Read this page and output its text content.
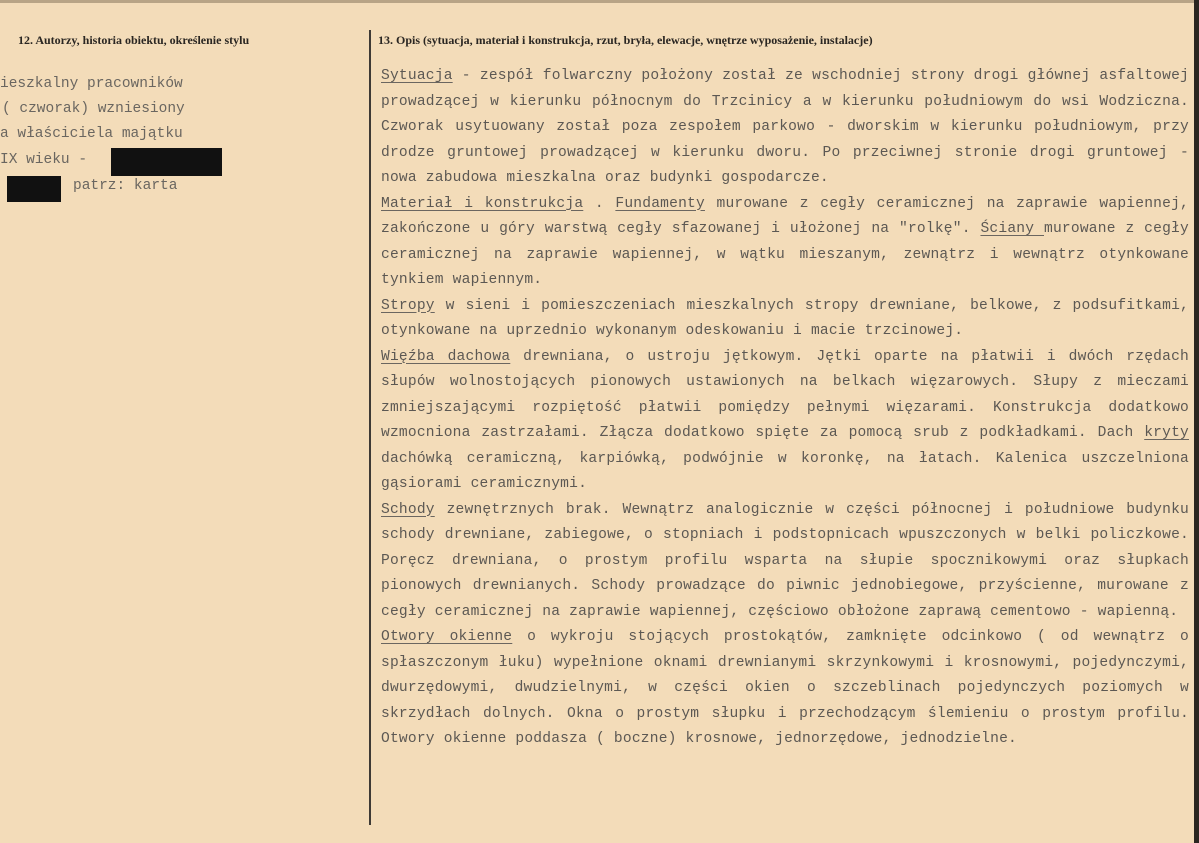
12. Autorzy, historia obiektu, określenie stylu	13. Opis (sytuacja, materiał i konstrukcja, rzut, bryła, elewacje, wnętrze wyposażenie, instalacje)
ieszkalny pracowników
( czworak) wzniesiony
a właściciela majątku
IX wieku -
patrz: karta

Sytuacja - zespół folwarczny położony został ze wschodniej strony drogi głównej asfaltowej prowadzącej w kierunku północnym do Trzcinicy a w kierunku południowym do wsi Wodziczna. Czworak usytuowany został poza zespołem parkowo - dworskim w kierunku południowym, przy drodze gruntowej prowadzącej w kierunku dworu. Po przeciwnej stronie drogi gruntowej - nowa zabudowa mieszkalna oraz budynki gospodarcze.

Materiał i konstrukcja . Fundamenty murowane z cegły ceramicznej na zaprawie wapiennej, zakończone u góry warstwą cegły sfazowanej i ułożonej na "rolkę". Ściany murowane z cegły ceramicznej na zaprawie wapiennej, w wątku mieszanym, zewnątrz i wewnątrz otynkowane tynkiem wapiennym.

Stropy w sieni i pomieszczeniach mieszkalnych stropy drewniane, belkowe, z podsufitkami, otynkowane na uprzednio wykonanym odeskowaniu i macie trzcinowej.

Więźba dachowa drewniana, o ustroju jętkowym. Jętki oparte na płatwii i dwóch rzędach słupów wolnostojących pionowych ustawionych na belkach więzarowych. Słupy z mieczami zmniejszającymi rozpiętość płatwii pomiędzy pełnymi więzarami. Konstrukcja dodatkowo wzmocniona zastrzałami. Złącza dodatkowo spięte za pomocą srub z podkładkami. Dach kryty dachówką ceramiczną, karpiówką, podwójnie w koronkę, na łatach. Kalenica uszczelniona gąsiorami ceramicznymi.

Schody zewnętrznych brak. Wewnątrz analogicznie w części północnej i południowe budynku schody drewniane, zabiegowe, o stopniach i podstopnicach wpuszczonych w belki policzkowe. Poręcz drewniana, o prostym profilu wsparta na słupie spocznikowymi oraz słupkach pionowych drewnianych. Schody prowadzące do piwnic jednobiegowe, przyścienne, murowane z cegły ceramicznej na zaprawie wapiennej, częściowo obłożone zaprawą cementowo - wapienną.

Otwory okienne o wykroju stojących prostokątów, zamknięte odcinkowo ( od wewnątrz o spłaszczonym łuku) wypełnione oknami drewnianymi skrzynkowymi i krosnowymi, pojedynczymi, dwurzędowymi, dwudzielnymi, w części okien o szczeblinach pojedynczych poziomych w skrzydłach dolnych. Okna o prostym słupku i przechodzącym ślemieniu o prostym profilu. Otwory okienne poddasza ( boczne) krosnowe, jednorzędowe, jednodzielne.
